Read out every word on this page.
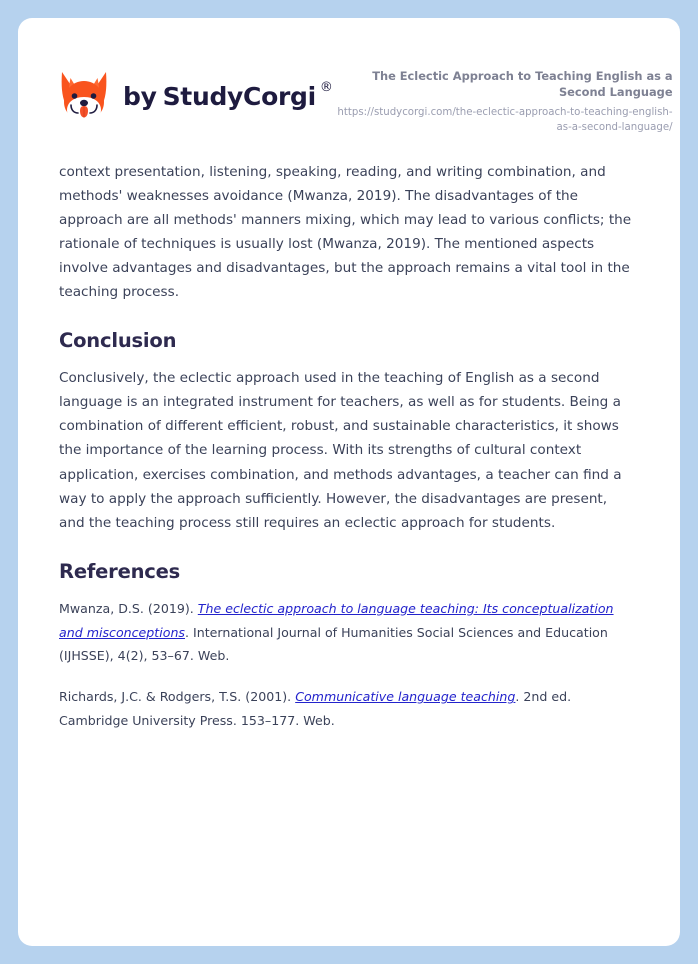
by StudyCorgi ®

The Eclectic Approach to Teaching English as a Second Language

https://studycorgi.com/the-eclectic-approach-to-teaching-english-as-a-second-language/

context presentation, listening, speaking, reading, and writing combination, and methods' weaknesses avoidance (Mwanza, 2019). The disadvantages of the approach are all methods' manners mixing, which may lead to various conflicts; the rationale of techniques is usually lost (Mwanza, 2019). The mentioned aspects involve advantages and disadvantages, but the approach remains a vital tool in the teaching process.

Conclusion

Conclusively, the eclectic approach used in the teaching of English as a second language is an integrated instrument for teachers, as well as for students. Being a combination of different efficient, robust, and sustainable characteristics, it shows the importance of the learning process. With its strengths of cultural context application, exercises combination, and methods advantages, a teacher can find a way to apply the approach sufficiently. However, the disadvantages are present, and the teaching process still requires an eclectic approach for students.

References

Mwanza, D.S. (2019). The eclectic approach to language teaching: Its conceptualization and misconceptions. International Journal of Humanities Social Sciences and Education (IJHSSE), 4(2), 53–67. Web.

Richards, J.C. & Rodgers, T.S. (2001). Communicative language teaching. 2nd ed. Cambridge University Press. 153–177. Web.
